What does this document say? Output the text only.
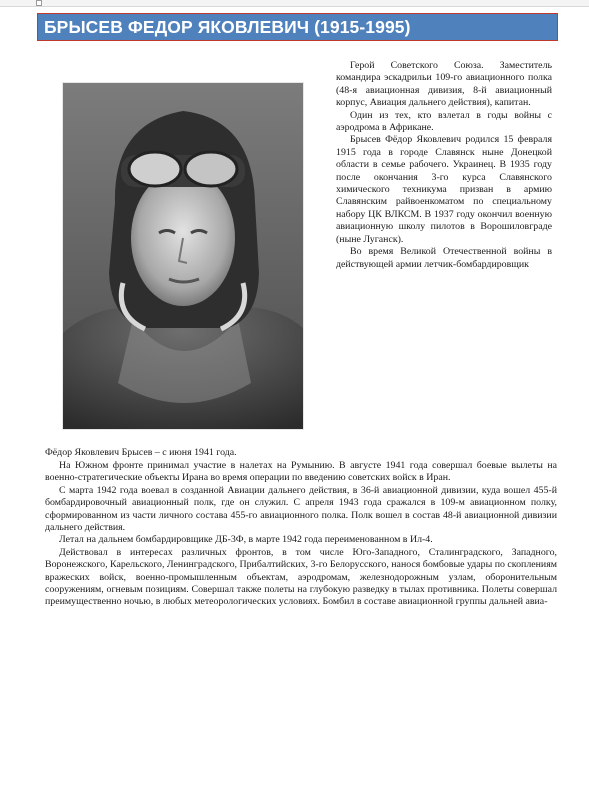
БРЫСЕВ ФЕДОР ЯКОВЛЕВИЧ (1915-1995)

Герой Советского Союза. Заместитель командира эскадрильи 109-го авиационного полка (48-я авиационная дивизия, 8-й авиационный корпус, Авиация дальнего действия), капитан.

Один из тех, кто взлетал в годы войны с аэродрома в Африкане.

Брысев Фёдор Яковлевич родился 15 февраля 1915 года в городе Славянск ныне Донецкой области в семье рабочего. Украинец. В 1935 году после окончания 3-го курса Славянского химического техникума призван в армию Славянским райвоенкоматом по специальному набору ЦК ВЛКСМ. В 1937 году окончил военную авиационную школу пилотов в Ворошиловграде (ныне Луганск).

Во время Великой Отечественной войны в действующей армии летчик-бомбардировщик

Фёдор Яковлевич Брысев – с июня 1941 года.

На Южном фронте принимал участие в налетах на Румынию. В августе 1941 года совершал боевые вылеты на военно-стратегические объекты Ирана во время операции по введению советских войск в Иран.

С марта 1942 года воевал в созданной Авиации дальнего действия, в 36-й авиационной дивизии, куда вошел 455-й бомбардировочный авиационный полк, где он служил. С апреля 1943 года сражался в 109-м авиационном полку, сформированном из части личного состава 455-го авиационного полка. Полк вошел в состав 48-й авиационной дивизии дальнего действия.

Летал на дальнем бомбардировщике ДБ-3Ф, в марте 1942 года переименованном в Ил-4.

Действовал в интересах различных фронтов, в том числе Юго-Западного, Сталинградского, Западного, Воронежского, Карельского, Ленинградского, Прибалтийских, 3-го Белорусского, нанося бомбовые удары по скоплениям вражеских войск, военно-промышленным объектам, аэродромам, железнодорожным узлам, оборонительным сооружениям, огневым позициям. Совершал также полеты на глубокую разведку в тылах противника. Полеты совершал преимущественно ночью, в любых метеорологических условиях. Бомбил в составе авиационной группы дальней авиа-
